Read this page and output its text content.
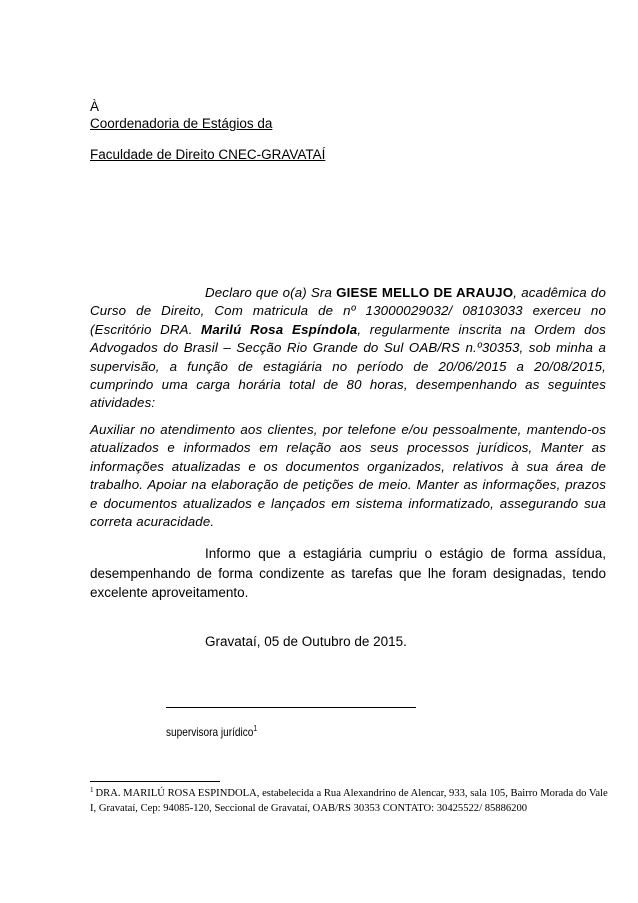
À
Coordenadoria de Estágios da
Faculdade de Direito CNEC-GRAVATAÍ
Declaro que o(a) Sra GIESE MELLO DE ARAUJO, acadêmica do Curso de Direito, Com matricula de nº 13000029032/ 08103033 exerceu no (Escritório DRA. Marilú Rosa Espíndola, regularmente inscrita na Ordem dos Advogados do Brasil – Secção Rio Grande do Sul OAB/RS n.º30353, sob minha a supervisão, a função de estagiária no período de 20/06/2015 a 20/08/2015, cumprindo uma carga horária total de 80 horas, desempenhando as seguintes atividades:
Auxiliar no atendimento aos clientes, por telefone e/ou pessoalmente, mantendo-os atualizados e informados em relação aos seus processos jurídicos, Manter as informações atualizadas e os documentos organizados, relativos à sua área de trabalho. Apoiar na elaboração de petições de meio. Manter as informações, prazos e documentos atualizados e lançados em sistema informatizado, assegurando sua correta acuracidade.
Informo que a estagiária cumpriu o estágio de forma assídua, desempenhando de forma condizente as tarefas que lhe foram designadas, tendo excelente aproveitamento.
Gravataí, 05 de Outubro de 2015.
supervisora jurídico$^1$
$^1$ DRA. MARILÚ ROSA ESPINDOLA, estabelecida a Rua Alexandrino de Alencar, 933, sala 105, Bairro Morada do Vale I, Gravataí, Cep: 94085-120, Seccional de Gravataí, OAB/RS 30353 CONTATO: 30425522/ 85886200
